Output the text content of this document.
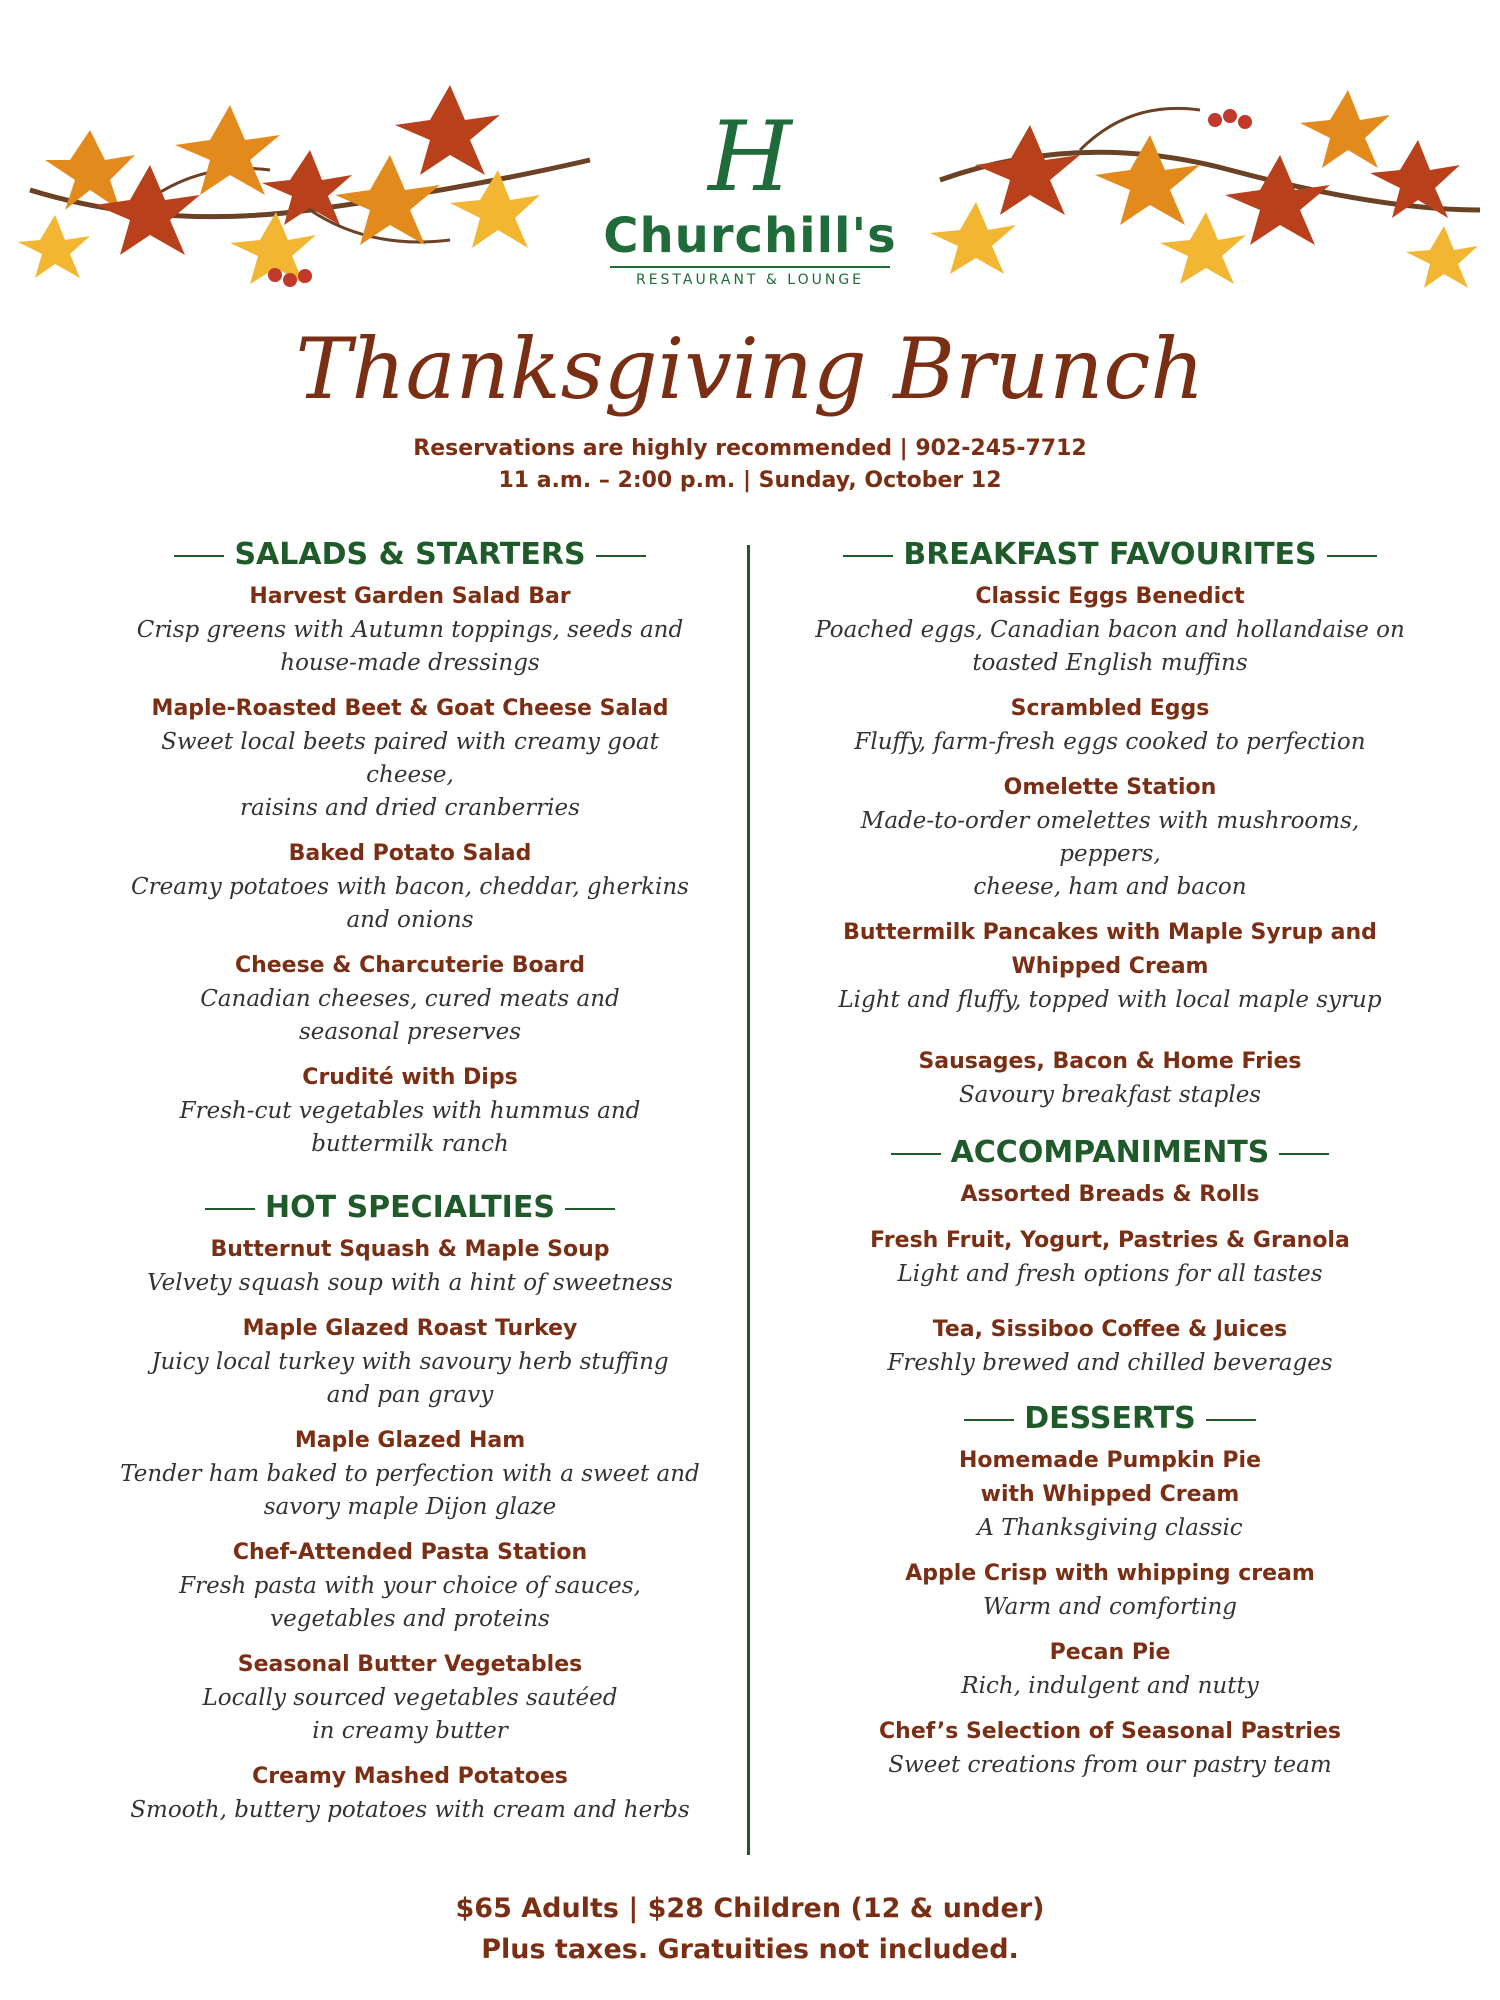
H
Churchill's
RESTAURANT & LOUNGE
Thanksgiving Brunch
Reservations are highly recommended | 902-245-7712
11 a.m. – 2:00 p.m. | Sunday, October 12
SALADS & STARTERS
Harvest Garden Salad Bar
Crisp greens with Autumn toppings, seeds and
house-made dressings
Maple-Roasted Beet & Goat Cheese Salad
Sweet local beets paired with creamy goat cheese,
raisins and dried cranberries
Baked Potato Salad
Creamy potatoes with bacon, cheddar, gherkins
and onions
Cheese & Charcuterie Board
Canadian cheeses, cured meats and
seasonal preserves
Crudité with Dips
Fresh-cut vegetables with hummus and
buttermilk ranch
HOT SPECIALTIES
Butternut Squash & Maple Soup
Velvety squash soup with a hint of sweetness
Maple Glazed Roast Turkey
Juicy local turkey with savoury herb stuffing
and pan gravy
Maple Glazed Ham
Tender ham baked to perfection with a sweet and
savory maple Dijon glaze
Chef-Attended Pasta Station
Fresh pasta with your choice of sauces,
vegetables and proteins
Seasonal Butter Vegetables
Locally sourced vegetables sautéed
in creamy butter
Creamy Mashed Potatoes
Smooth, buttery potatoes with cream and herbs
BREAKFAST FAVOURITES
Classic Eggs Benedict
Poached eggs, Canadian bacon and hollandaise on
toasted English muffins
Scrambled Eggs
Fluffy, farm-fresh eggs cooked to perfection
Omelette Station
Made-to-order omelettes with mushrooms, peppers,
cheese, ham and bacon
Buttermilk Pancakes with Maple Syrup and
Whipped Cream
Light and fluffy, topped with local maple syrup
Sausages, Bacon & Home Fries
Savoury breakfast staples
ACCOMPANIMENTS
Assorted Breads & Rolls
Fresh Fruit, Yogurt, Pastries & Granola
Light and fresh options for all tastes
Tea, Sissiboo Coffee & Juices
Freshly brewed and chilled beverages
DESSERTS
Homemade Pumpkin Pie
with Whipped Cream
A Thanksgiving classic
Apple Crisp with whipping cream
Warm and comforting
Pecan Pie
Rich, indulgent and nutty
Chef’s Selection of Seasonal Pastries
Sweet creations from our pastry team
$65 Adults | $28 Children (12 & under)
Plus taxes. Gratuities not included.
